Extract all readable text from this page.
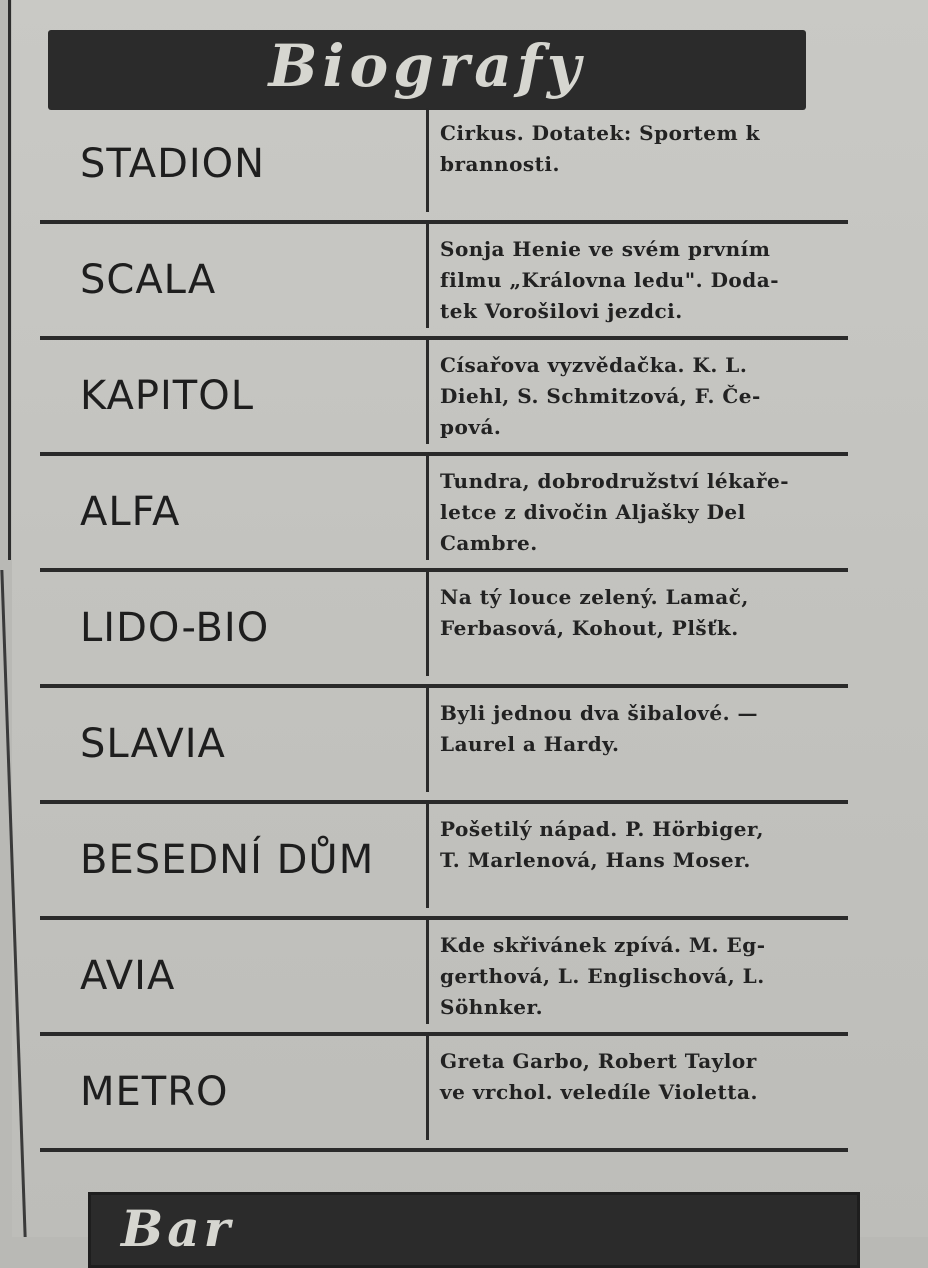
Biografy
STADION
Cirkus. Dotatek: Sportem k
brannosti.
SCALA
Sonja Henie ve svém prvním
filmu „Královna ledu". Doda-
tek Vorošilovi jezdci.
KAPITOL
Císařova vyzvědačka. K. L.
Diehl, S. Schmitzová, F. Če-
pová.
ALFA
Tundra, dobrodružství lékaře-
letce z divočin Aljašky Del
Cambre.
LIDO-BIO
Na tý louce zelený. Lamač,
Ferbasová, Kohout, Plšťk.
SLAVIA
Byli jednou dva šibalové. —
Laurel a Hardy.
BESEDNÍ DŮM
Pošetilý nápad. P. Hörbiger,
T. Marlenová, Hans Moser.
AVIA
Kde skřivánek zpívá. M. Eg-
gerthová, L. Englischová, L.
Söhnker.
METRO
Greta Garbo, Robert Taylor
ve vrchol. veledíle Violetta.
Bar
